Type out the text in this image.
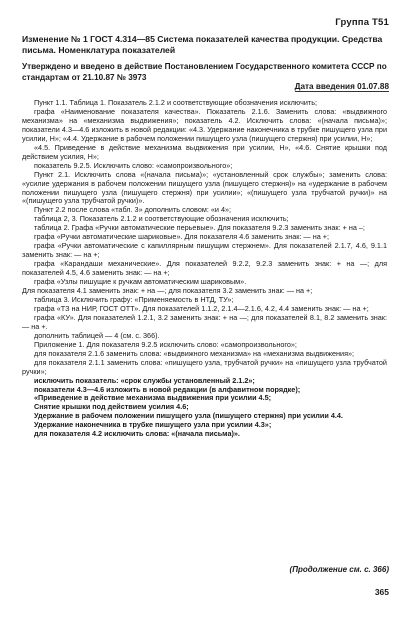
Группа Т51
Изменение № 1 ГОСТ 4.314—85 Система показателей качества продукции. Средства письма. Номенклатура показателей
Утверждено и введено в действие Постановлением Государственного комитета СССР по стандартам от 21.10.87 № 3973
Дата введения 01.07.88

Пункт 1.1. Таблица 1. Показатель 2.1.2 и соответствующие обозначения исключить;

графа «Наименование показателя качества». Показатель 2.1.6. Заменить слова: «выдвижного механизма» на «механизма выдвижения»; показатель 4.2. Исключить слова: «(начала письма)»; показатели 4.3—4.6 изложить в новой редакции: «4.3. Удержание наконечника в трубке пишущего узла при усилии, Н»; «4.4. Удержание в рабочем положении пишущего узла (пишущего стержня) при усилии, Н»;

«4.5. Приведение в действие механизма выдвижения при усилии, Н», «4.6. Снятие крышки под действием усилия, Н»;

показатель 9.2.5. Исключить слово: «самопроизвольного»;

Пункт 2.1. Исключить слова «(начала письма)»; «установленный срок службы»; заменить слова: «усилие удержания в рабочем положении пишущего узла (пишущего стержня)» на «удержание в рабочем положении пишущего узла (пишущего стержня) при усилии»; «(пишущего узла трубчатой ручки)» на «(пишущего узла трубчатой ручки)».

Пункт 2.2 после слова «табл. 3» дополнить словом: «и 4»;

таблица 2, 3. Показатель 2.1.2 и соответствующие обозначения исключить;

таблица 2. Графа «Ручки автоматические перьевые». Для показателя 9.2.3 заменить знак: + на –;

графа «Ручки автоматические шариковые». Для показателя 4.6 заменить знак: — на +;

графа «Ручки автоматические с капиллярным пишущим стержнем». Для показателей 2.1.7, 4.6, 9.1.1 заменить знак: — на +;

графа «Карандаши механические». Для показателей 9.2.2, 9.2.3 заменить знак: + на —; для показателей 4.5, 4.6 заменить знак: — на +;

графа «Узлы пишущие к ручкам автоматическим шариковым».

Для показателя 4.1 заменить знак: + на —; для показателя 3.2 заменить знак: — на +;

таблица 3. Исключить графу: «Применяемость в НТД, ТУ»;

графа «ТЗ на НИР, ГОСТ ОТТ». Для показателей 1.1.2, 2.1.4—2.1.6, 4.2, 4.4 заменить знак: — на +;

графа «КУ». Для показателей 1.2.1, 3.2 заменить знак: + на —; для показателей 8.1, 8.2 заменить знак: — на +.

дополнить таблицей — 4 (см. с. 366).

Приложение 1. Для показателя 9.2.5 исключить слово: «самопроизвольного»;

для показателя 2.1.6 заменить слова: «выдвижного механизма» на «механизма выдвижения»;

для показателя 2.1.1 заменить слова: «пишущего узла, трубчатой ручки» на «пишущего узла трубчатой ручки»;

исключить показатель: «срок службы установленный 2.1.2»;

показатели 4.3—4.6 изложить в новой редакции (в алфавитном порядке);

«Приведение в действие механизма выдвижения при усилии 4.5;

Снятие крышки под действием усилия 4.6;

Удержание в рабочем положении пишущего узла (пишущего стержня) при усилии 4.4.

Удержание наконечника в трубке пишущего узла при усилии 4.3»;

для показателя 4.2 исключить слова: «(начала письма)».

(Продолжение см. с. 366)
365
